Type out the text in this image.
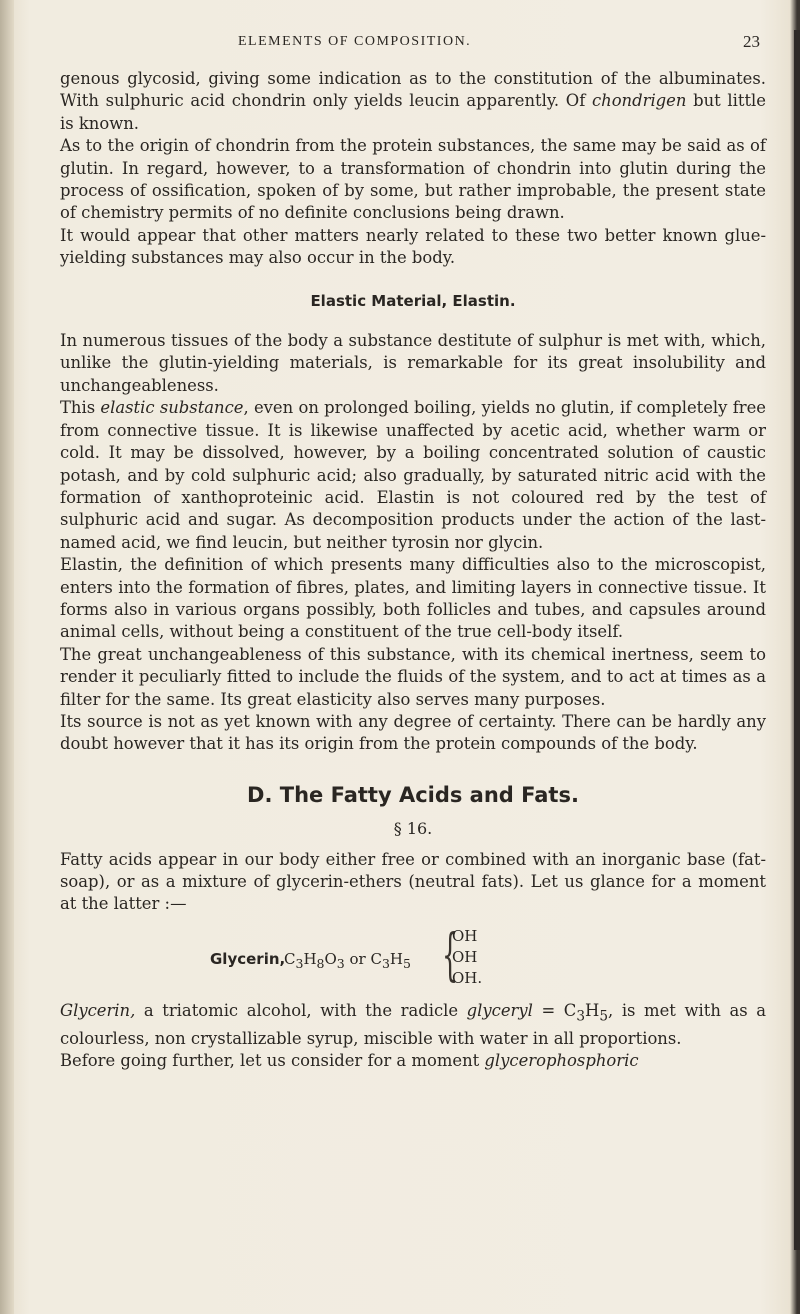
ELEMENTS OF COMPOSITION.	23

genous glycosid, giving some indication as to the constitution of the albuminates. With sulphuric acid chondrin only yields leucin apparently. Of chondrigen but little is known.

As to the origin of chondrin from the protein substances, the same may be said as of glutin. In regard, however, to a transformation of chondrin into glutin during the process of ossification, spoken of by some, but rather improbable, the present state of chemistry permits of no definite conclusions being drawn.

It would appear that other matters nearly related to these two better known glue-yielding substances may also occur in the body.

Elastic Material, Elastin.

In numerous tissues of the body a substance destitute of sulphur is met with, which, unlike the glutin-yielding materials, is remarkable for its great insolubility and unchangeableness.

This elastic substance, even on prolonged boiling, yields no glutin, if completely free from connective tissue. It is likewise unaffected by acetic acid, whether warm or cold. It may be dissolved, however, by a boiling concentrated solution of caustic potash, and by cold sulphuric acid; also gradually, by saturated nitric acid with the formation of xanthoproteinic acid. Elastin is not coloured red by the test of sulphuric acid and sugar. As decomposition products under the action of the last-named acid, we find leucin, but neither tyrosin nor glycin.

Elastin, the definition of which presents many difficulties also to the microscopist, enters into the formation of fibres, plates, and limiting layers in connective tissue. It forms also in various organs possibly, both follicles and tubes, and capsules around animal cells, without being a constituent of the true cell-body itself.

The great unchangeableness of this substance, with its chemical inertness, seem to render it peculiarly fitted to include the fluids of the system, and to act at times as a filter for the same. Its great elasticity also serves many purposes.

Its source is not as yet known with any degree of certainty. There can be hardly any doubt however that it has its origin from the protein compounds of the body.

D. The Fatty Acids and Fats.
§ 16.

Fatty acids appear in our body either free or combined with an inorganic base (fat-soap), or as a mixture of glycerin-ethers (neutral fats). Let us glance for a moment at the latter :—

Glycerin,
$C_3H_8O_3$ or $C_3H_5$ {
OH
OH
OH.

Glycerin, a triatomic alcohol, with the radicle glyceryl = $C_3H_5$, is met with as a colourless, non crystallizable syrup, miscible with water in all proportions.

Before going further, let us consider for a moment glycerophosphoric
